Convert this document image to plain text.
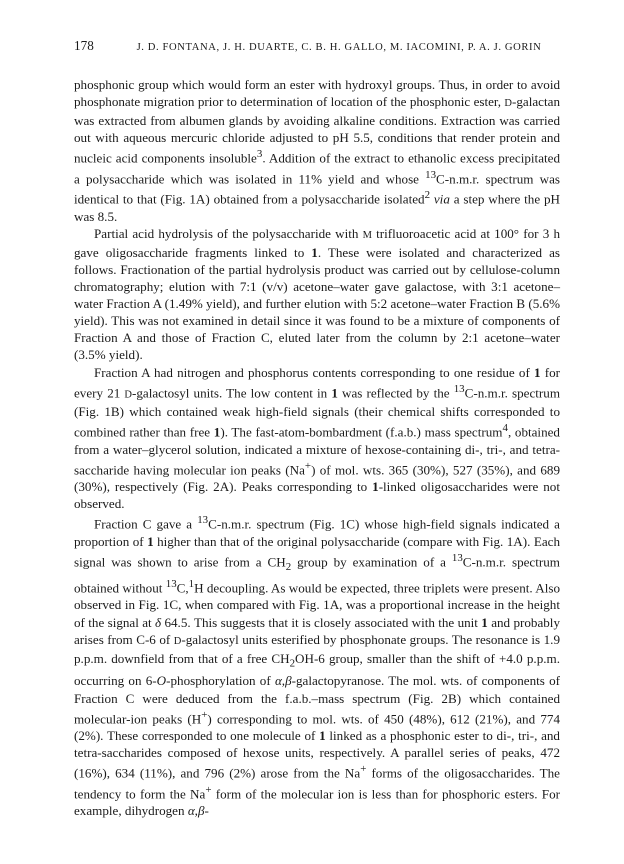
178	J. D. FONTANA, J. H. DUARTE, C. B. H. GALLO, M. IACOMINI, P. A. J. GORIN

phosphonic group which would form an ester with hydroxyl groups. Thus, in order to avoid phosphonate migration prior to determination of location of the phosphonic ester, D-galactan was extracted from albumen glands by avoiding alkaline conditions. Extraction was carried out with aqueous mercuric chloride adjusted to pH 5.5, conditions that render protein and nucleic acid components insoluble$^3$. Addition of the extract to ethanolic excess precipitated a polysaccharide which was isolated in 11% yield and whose $^{13}$C-n.m.r. spectrum was identical to that (Fig. 1A) obtained from a polysaccharide isolated$^2$ via a step where the pH was 8.5.

Partial acid hydrolysis of the polysaccharide with M trifluoroacetic acid at 100° for 3 h gave oligosaccharide fragments linked to 1. These were isolated and characterized as follows. Fractionation of the partial hydrolysis product was carried out by cellulose-column chromatography; elution with 7:1 (v/v) acetone–water gave galactose, with 3:1 acetone–water Fraction A (1.49% yield), and further elution with 5:2 acetone–water Fraction B (5.6% yield). This was not examined in detail since it was found to be a mixture of components of Fraction A and those of Fraction C, eluted later from the column by 2:1 acetone–water (3.5% yield).

Fraction A had nitrogen and phosphorus contents corresponding to one residue of 1 for every 21 D-galactosyl units. The low content in 1 was reflected by the $^{13}$C-n.m.r. spectrum (Fig. 1B) which contained weak high-field signals (their chemical shifts corresponded to combined rather than free 1). The fast-atom-bombardment (f.a.b.) mass spectrum$^4$, obtained from a water–glycerol solution, indicated a mixture of hexose-containing di-, tri-, and tetra-saccharide having molecular ion peaks (Na+) of mol. wts. 365 (30%), 527 (35%), and 689 (30%), respectively (Fig. 2A). Peaks corresponding to 1-linked oligosaccharides were not observed.

Fraction C gave a $^{13}$C-n.m.r. spectrum (Fig. 1C) whose high-field signals indicated a proportion of 1 higher than that of the original polysaccharide (compare with Fig. 1A). Each signal was shown to arise from a $CH_2$ group by examination of a $^{13}$C-n.m.r. spectrum obtained without $^{13}$C,$^1$H decoupling. As would be expected, three triplets were present. Also observed in Fig. 1C, when compared with Fig. 1A, was a proportional increase in the height of the signal at δ 64.5. This suggests that it is closely associated with the unit 1 and probably arises from C-6 of D-galactosyl units esterified by phosphonate groups. The resonance is 1.9 p.p.m. downfield from that of a free $CH_2OH-6$ group, smaller than the shift of +4.0 p.p.m. occurring on 6-O-phosphorylation of α,β-galactopyranose. The mol. wts. of components of Fraction C were deduced from the f.a.b.–mass spectrum (Fig. 2B) which contained molecular-ion peaks (H+) corresponding to mol. wts. of 450 (48%), 612 (21%), and 774 (2%). These corresponded to one molecule of 1 linked as a phosphonic ester to di-, tri-, and tetra-saccharides composed of hexose units, respectively. A parallel series of peaks, 472 (16%), 634 (11%), and 796 (2%) arose from the Na+ forms of the oligosaccharides. The tendency to form the Na+ form of the molecular ion is less than for phosphoric esters. For example, dihydrogen α,β-
